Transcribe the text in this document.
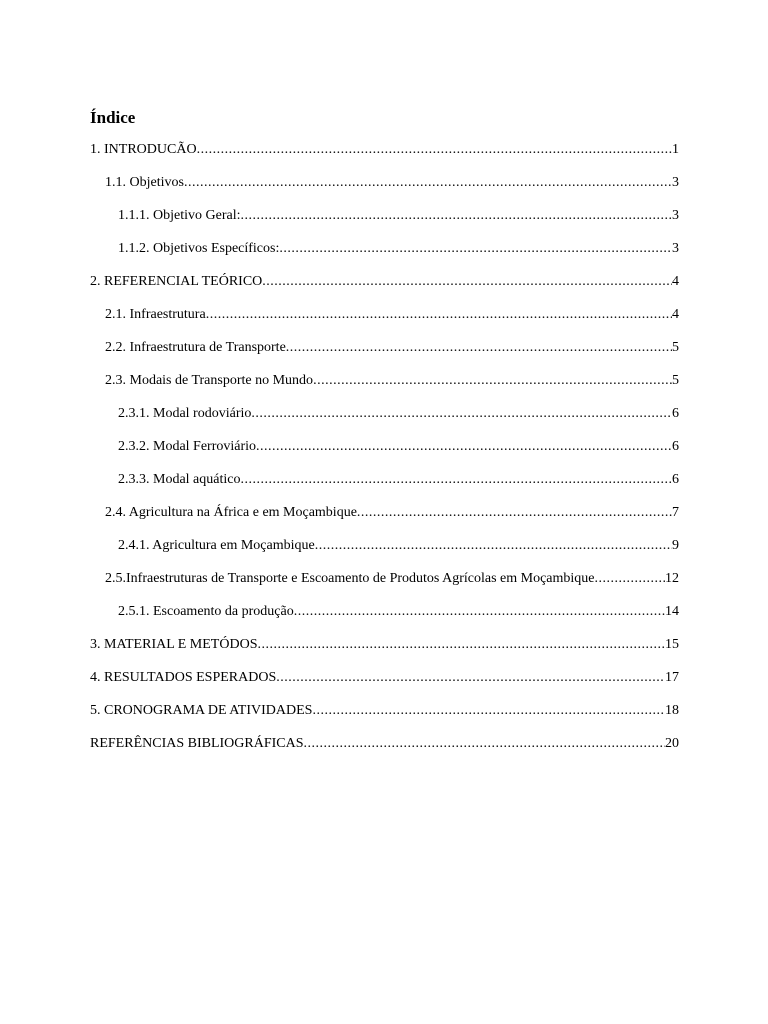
Índice
1. INTRODUCÃO .....	1
1.1. Objetivos .....	3
1.1.1. Objetivo Geral: .....	3
1.1.2. Objetivos Específicos: .....	3
2. REFERENCIAL TEÓRICO .....	4
2.1. Infraestrutura .....	4
2.2. Infraestrutura de Transporte .....	5
2.3. Modais de Transporte no Mundo .....	5
2.3.1. Modal rodoviário .....	6
2.3.2. Modal Ferroviário .....	6
2.3.3. Modal aquático .....	6
2.4. Agricultura na África e em Moçambique .....	7
2.4.1. Agricultura em Moçambique .....	9
2.5.Infraestruturas de Transporte e Escoamento de Produtos Agrícolas em Moçambique .....	12
2.5.1. Escoamento da produção .....	14
3. MATERIAL E METÓDOS .....	15
4. RESULTADOS ESPERADOS .....	17
5. CRONOGRAMA DE ATIVIDADES .....	18
REFERÊNCIAS BIBLIOGRÁFICAS .....	20
